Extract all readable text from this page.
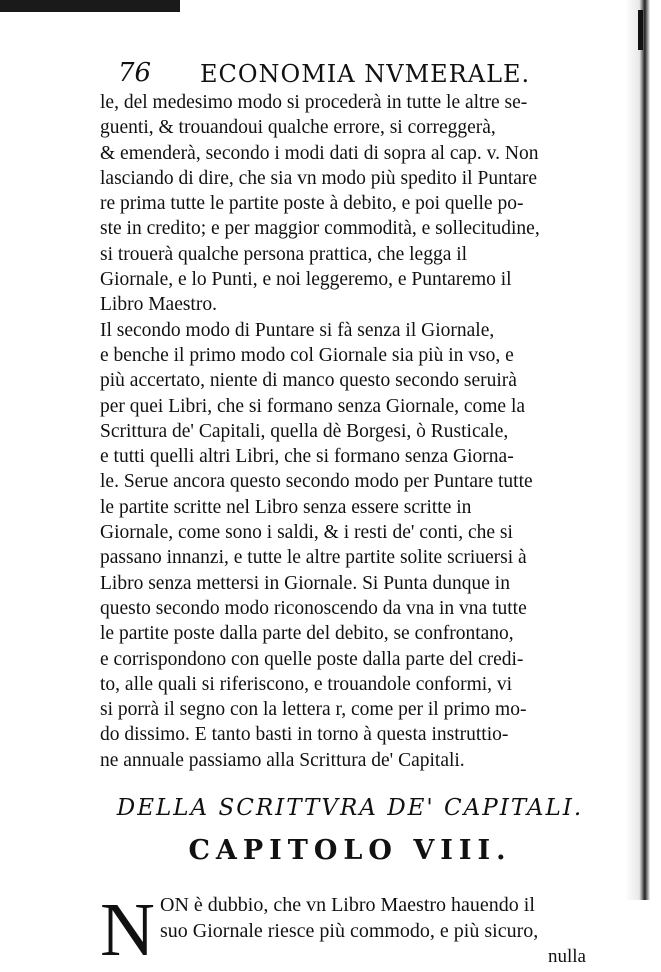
76 ECONOMIA NVMERALE.
le, del medesimo modo si procederà in tutte le altre se-
guenti, & trouandoui qualche errore, si correggerà,
& emenderà, secondo i modi dati di sopra al cap. v. Non
lasciando di dire, che sia vn modo più spedito il Puntare
re prima tutte le partite poste à debito, e poi quelle po-
ste in credito; e per maggior commodità, e sollecitudine,
si trouerà qualche persona prattica, che legga il
Giornale, e lo Punti, e noi leggeremo, e Puntaremo il
Libro Maestro.
Il secondo modo di Puntare si fà senza il Giornale,
e benche il primo modo col Giornale sia più in vso, e
più accertato, niente di manco questo secondo seruirà
per quei Libri, che si formano senza Giornale, come la
Scrittura de' Capitali, quella dè Borgesi, ò Rusticale,
e tutti quelli altri Libri, che si formano senza Giorna-
le. Serue ancora questo secondo modo per Puntare tutte
le partite scritte nel Libro senza essere scritte in
Giornale, come sono i saldi, & i resti de' conti, che si
passano innanzi, e tutte le altre partite solite scriuersi à
Libro senza mettersi in Giornale. Si Punta dunque in
questo secondo modo riconoscendo da vna in vna tutte
le partite poste dalla parte del debito, se confrontano,
e corrispondono con quelle poste dalla parte del credi-
to, alle quali si riferiscono, e trouandole conformi, vi
si porrà il segno con la lettera r, come per il primo mo-
do dissimo. E tanto basti in torno à questa instruttio-
ne annuale passiamo alla Scrittura de' Capitali.
DELLA SCRITTVRA DE' CAPITALI.
CAPITOLO VIII.
N ON è dubbio, che vn Libro Maestro hauendo il
suo Giornale riesce più commodo, e più sicuro,
nulla
